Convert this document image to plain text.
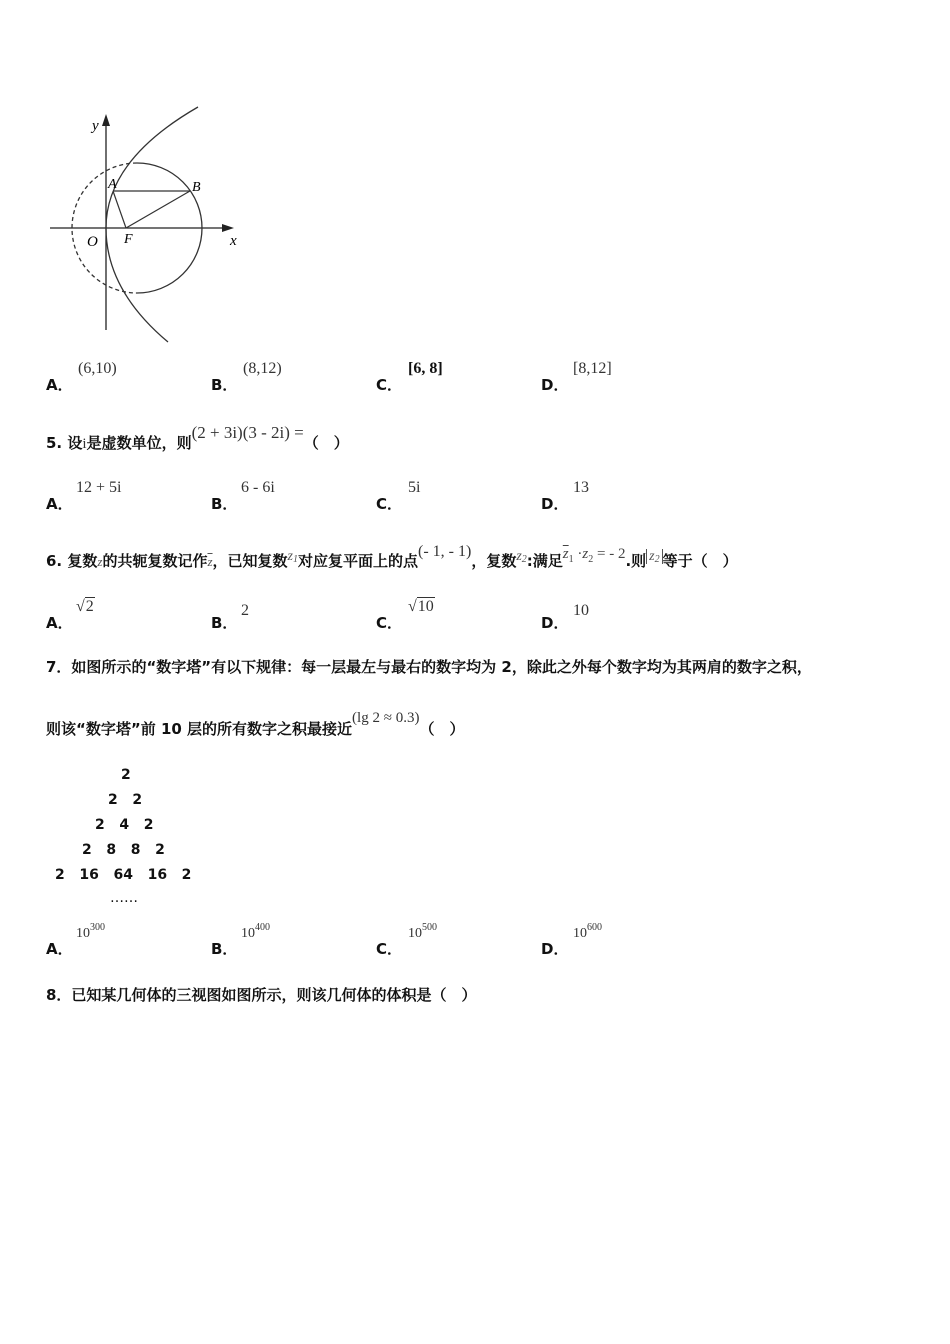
y
x
O
A	B
F
A．
(6,10)
B．
(8,12)
C．
[6, 8]
D．
[8,12]
5. 设i是虚数单位，则(2 + 3i)(3 - 2i) =（　）
A．
12 + 5i
B．
6 - 6i
C．
5i
D．
13
6. 复数z的共轭复数记作$\overline{z}$，已知复数z1对应复平面上的点(- 1, - 1)，复数z2:满足$\overline{z}_1 \cdot z_2$ = - 2.则 z2 等于（　）
A．
√2
B．
2
C．
√10
D．
10
7．如图所示的“数字塔”有以下规律：每一层最左与最右的数字均为 2，除此之外每个数字均为其两肩的数字之积，
则该“数字塔”前 10 层的所有数字之积最接近(lg 2 ≈ 0.3)（　）
2
2   2
2   4   2
2   8   8   2
2   16   64   16   2
……
A．
$10^{300}$
B．
$10^{400}$
C．
$10^{500}$
D．
$10^{600}$
8．已知某几何体的三视图如图所示，则该几何体的体积是（　）
